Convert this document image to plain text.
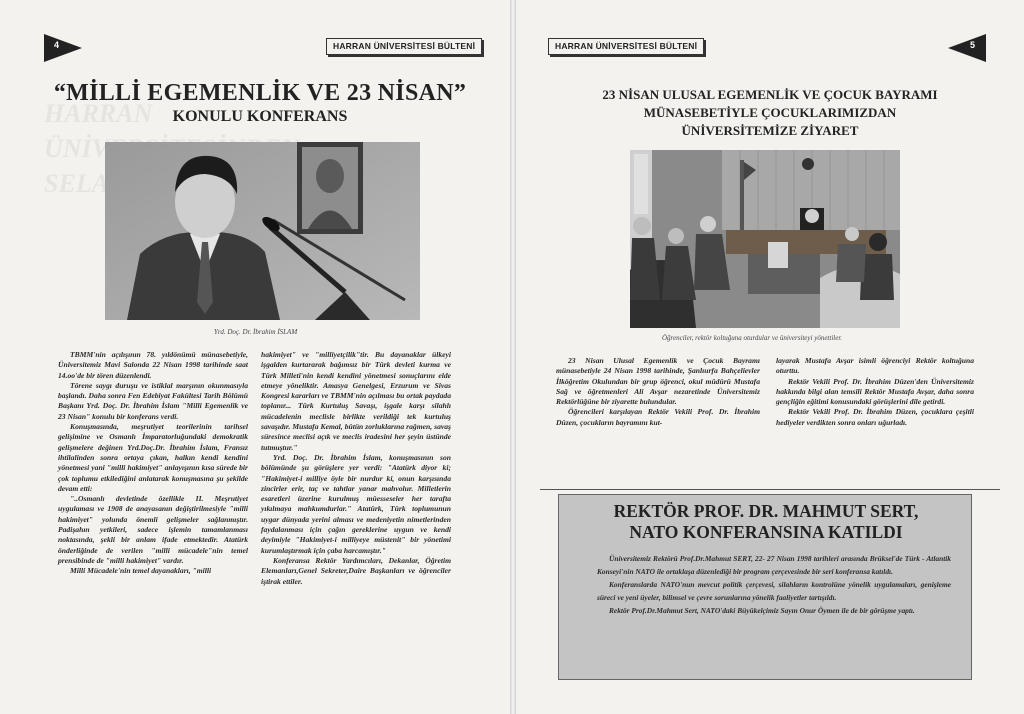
HARRAN

SELAM
4	HARRAN ÜNİVERSİTESİ BÜLTENİ
“MİLLİ EGEMENLİK VE 23 NİSAN”
KONULU KONFERANS
Yrd. Doç. Dr. İbrahim İSLAM

TBMM'nin açılışının 78. yıldönümü münasebetiyle, Üniversitemiz Mavi Salonda 22 Nisan 1998 tarihinde saat 14.oo'de bir tören düzenlendi.

Törene saygı duruşu ve istiklal marşının okunmasıyla başlandı. Daha sonra Fen Edebiyat Fakültesi Tarih Bölümü Başkanı Yrd. Doç. Dr. İbrahim İslam "Milli Egemenlik ve 23 Nisan" konulu bir konferans verdi.

Konuşmasında, meşrutiyet teorilerinin tarihsel gelişimine ve Osmanlı İmparatorluğundaki demokratik gelişmelere değinen Yrd.Doç.Dr. İbrahim İslam, Fransız ihtilalinden sonra ortaya çıkan, halkın kendi kendini yönetmesi yani "milli hakimiyet" anlayışının kısa sürede bir çok toplumu etkilediğini anlatarak konuşmasına şu şekilde devam etti:

"..Osmanlı devletinde özellikle II. Meşrutiyet uygulaması ve 1908 de anayasanın değiştirilmesiyle "milli hakimiyet" yolunda önemli gelişmeler sağlanmıştır. Padişahın yetkileri, sadece işlemin tamamlanması noktasında, şekli bir anlam ifade etmektedir. Atatürk önderliğinde de verilen "milli mücadele"nin temel prensibinde de "milli hakimiyet" vardır.

Milli Mücadele'nin temel dayanakları, "milli

hakimiyet" ve "milliyetçilik"tir. Bu dayanaklar ülkeyi işgalden kurtararak bağımsız bir Türk devleti kurma ve Türk Milleti'nin kendi kendini yönetmesi sonuçlarını elde etmeye yöneliktir. Amasya Genelgesi, Erzurum ve Sivas Kongresi kararları ve TBMM'nin açılması bu ortak paydada toplanır... Türk Kurtuluş Savaşı, işgale karşı silahlı mücadelenin meclisle birlikte verildiği tek kurtuluş savaşıdır. Mustafa Kemal, bütün zorluklarına rağmen, savaş süresince meclisi açık ve meclis iradesini her şeyin üstünde tutmuştur."

Yrd. Doç. Dr. İbrahim İslam, konuşmasının son bölümünde şu görüşlere yer verdi: "Atatürk diyor ki; "Hakimiyet-i milliye öyle bir nurdur ki, onun karşısında zincirler erir, taç ve tahtlar yanar mahvolur. Milletlerin esaretleri üzerine kurulmuş müesseseler her tarafta yıkılmaya mahkumdurlar." Atatürk, Türk toplumunun uygar dünyada yerini alması ve medeniyetin nimetlerinden faydalanması için çağın gereklerine uygun ve kendi deyimiyle "Hakimiyet-i milliyeye müstenit" bir yönetimi kurumlaştırmak için çaba harcamıştır."

Konferansa Rektör Yardımcıları, Dekanlar, Öğretim Elemanları,Genel Sekreter,Daire Başkanları ve öğrenciler iştirak ettiler.

5
HARRAN ÜNİVERSİTESİ BÜLTENİ
23 NİSAN ULUSAL EGEMENLİK VE ÇOCUK BAYRAMI
MÜNASEBETİYLE ÇOCUKLARIMIZDAN
ÜNİVERSİTEMİZE ZİYARET
Öğrenciler, rektör koltuğuna oturdular ve üniversiteyi yönettiler.

23 Nisan Ulusal Egemenlik ve Çocuk Bayramı münasebetiyle 24 Nisan 1998 tarihinde, Şanlıurfa Bahçelievler İlköğretim Okulundan bir grup öğrenci, okul müdürü Mustafa Sağ ve öğretmenleri Ali Avşar nezaretinde Üniversitemiz Rektörlüğüne bir ziyarette bulundular.

Öğrencileri karşılayan Rektör Vekili Prof. Dr. İbrahim Düzen, çocukların bayramını kut-

layarak Mustafa Avşar isimli öğrenciyi Rektör koltuğuna oturttu.

Rektör Vekili Prof. Dr. İbrahim Düzen'den Üniversitemiz hakkında bilgi alan temsili Rektör Mustafa Avşar, daha sonra gençliğin eğitimi konusundaki görüşlerini dile getirdi.

Rektör Vekili Prof. Dr. İbrahim Düzen, çocuklara çeşitli hediyeler verdikten sonra onları uğurladı.

REKTÖR PROF. DR. MAHMUT SERT,
NATO KONFERANSINA KATILDI

Üniversitemiz Rektörü Prof.Dr.Mahmut SERT, 22- 27 Nisan 1998 tarihleri arasında Brüksel'de Türk - Atlantik Konseyi'nin NATO ile ortaklaşa düzenlediği bir program çerçevesinde bir seri konferansa katıldı.

Konferanslarda NATO'nun mevcut politik çerçevesi, silahların kontrolüne yönelik uygulamaları, genişleme süreci ve yeni üyeler, bilimsel ve çevre sorunlarına yönelik faaliyetler tartışıldı.

Rektör Prof.Dr.Mahmut Sert, NATO'daki Büyükelçimiz Sayın Onur Öymen ile de bir görüşme yaptı.
